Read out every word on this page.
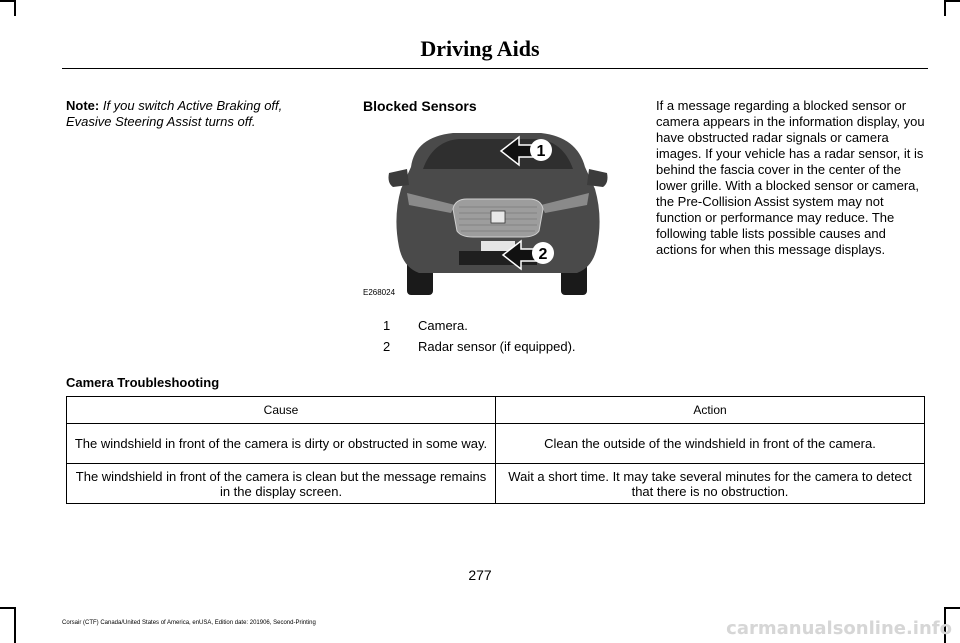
Driving Aids
Note: If you switch Active Braking off, Evasive Steering Assist turns off.
Blocked Sensors	If a message regarding a blocked sensor or camera appears in the information display, you have obstructed radar signals or camera images. If your vehicle has a radar sensor, it is behind the fascia cover in the center of the lower grille. With a blocked sensor or camera, the Pre-Collision Assist system may not function or performance may reduce. The following table lists possible causes and actions for when this message displays.
1
2
E268024
1 Camera.
2 Radar sensor (if equipped).
Camera Troubleshooting
Cause	Action
The windshield in front of the camera is dirty or obstructed in some way.	Clean the outside of the windshield in front of the camera.
The windshield in front of the camera is clean but the message remains in the display screen.	Wait a short time. It may take several minutes for the camera to detect that there is no obstruction.
277
Corsair (CTF) Canada/United States of America, enUSA, Edition date: 201906, Second-Printing	carmanualsonline.info
